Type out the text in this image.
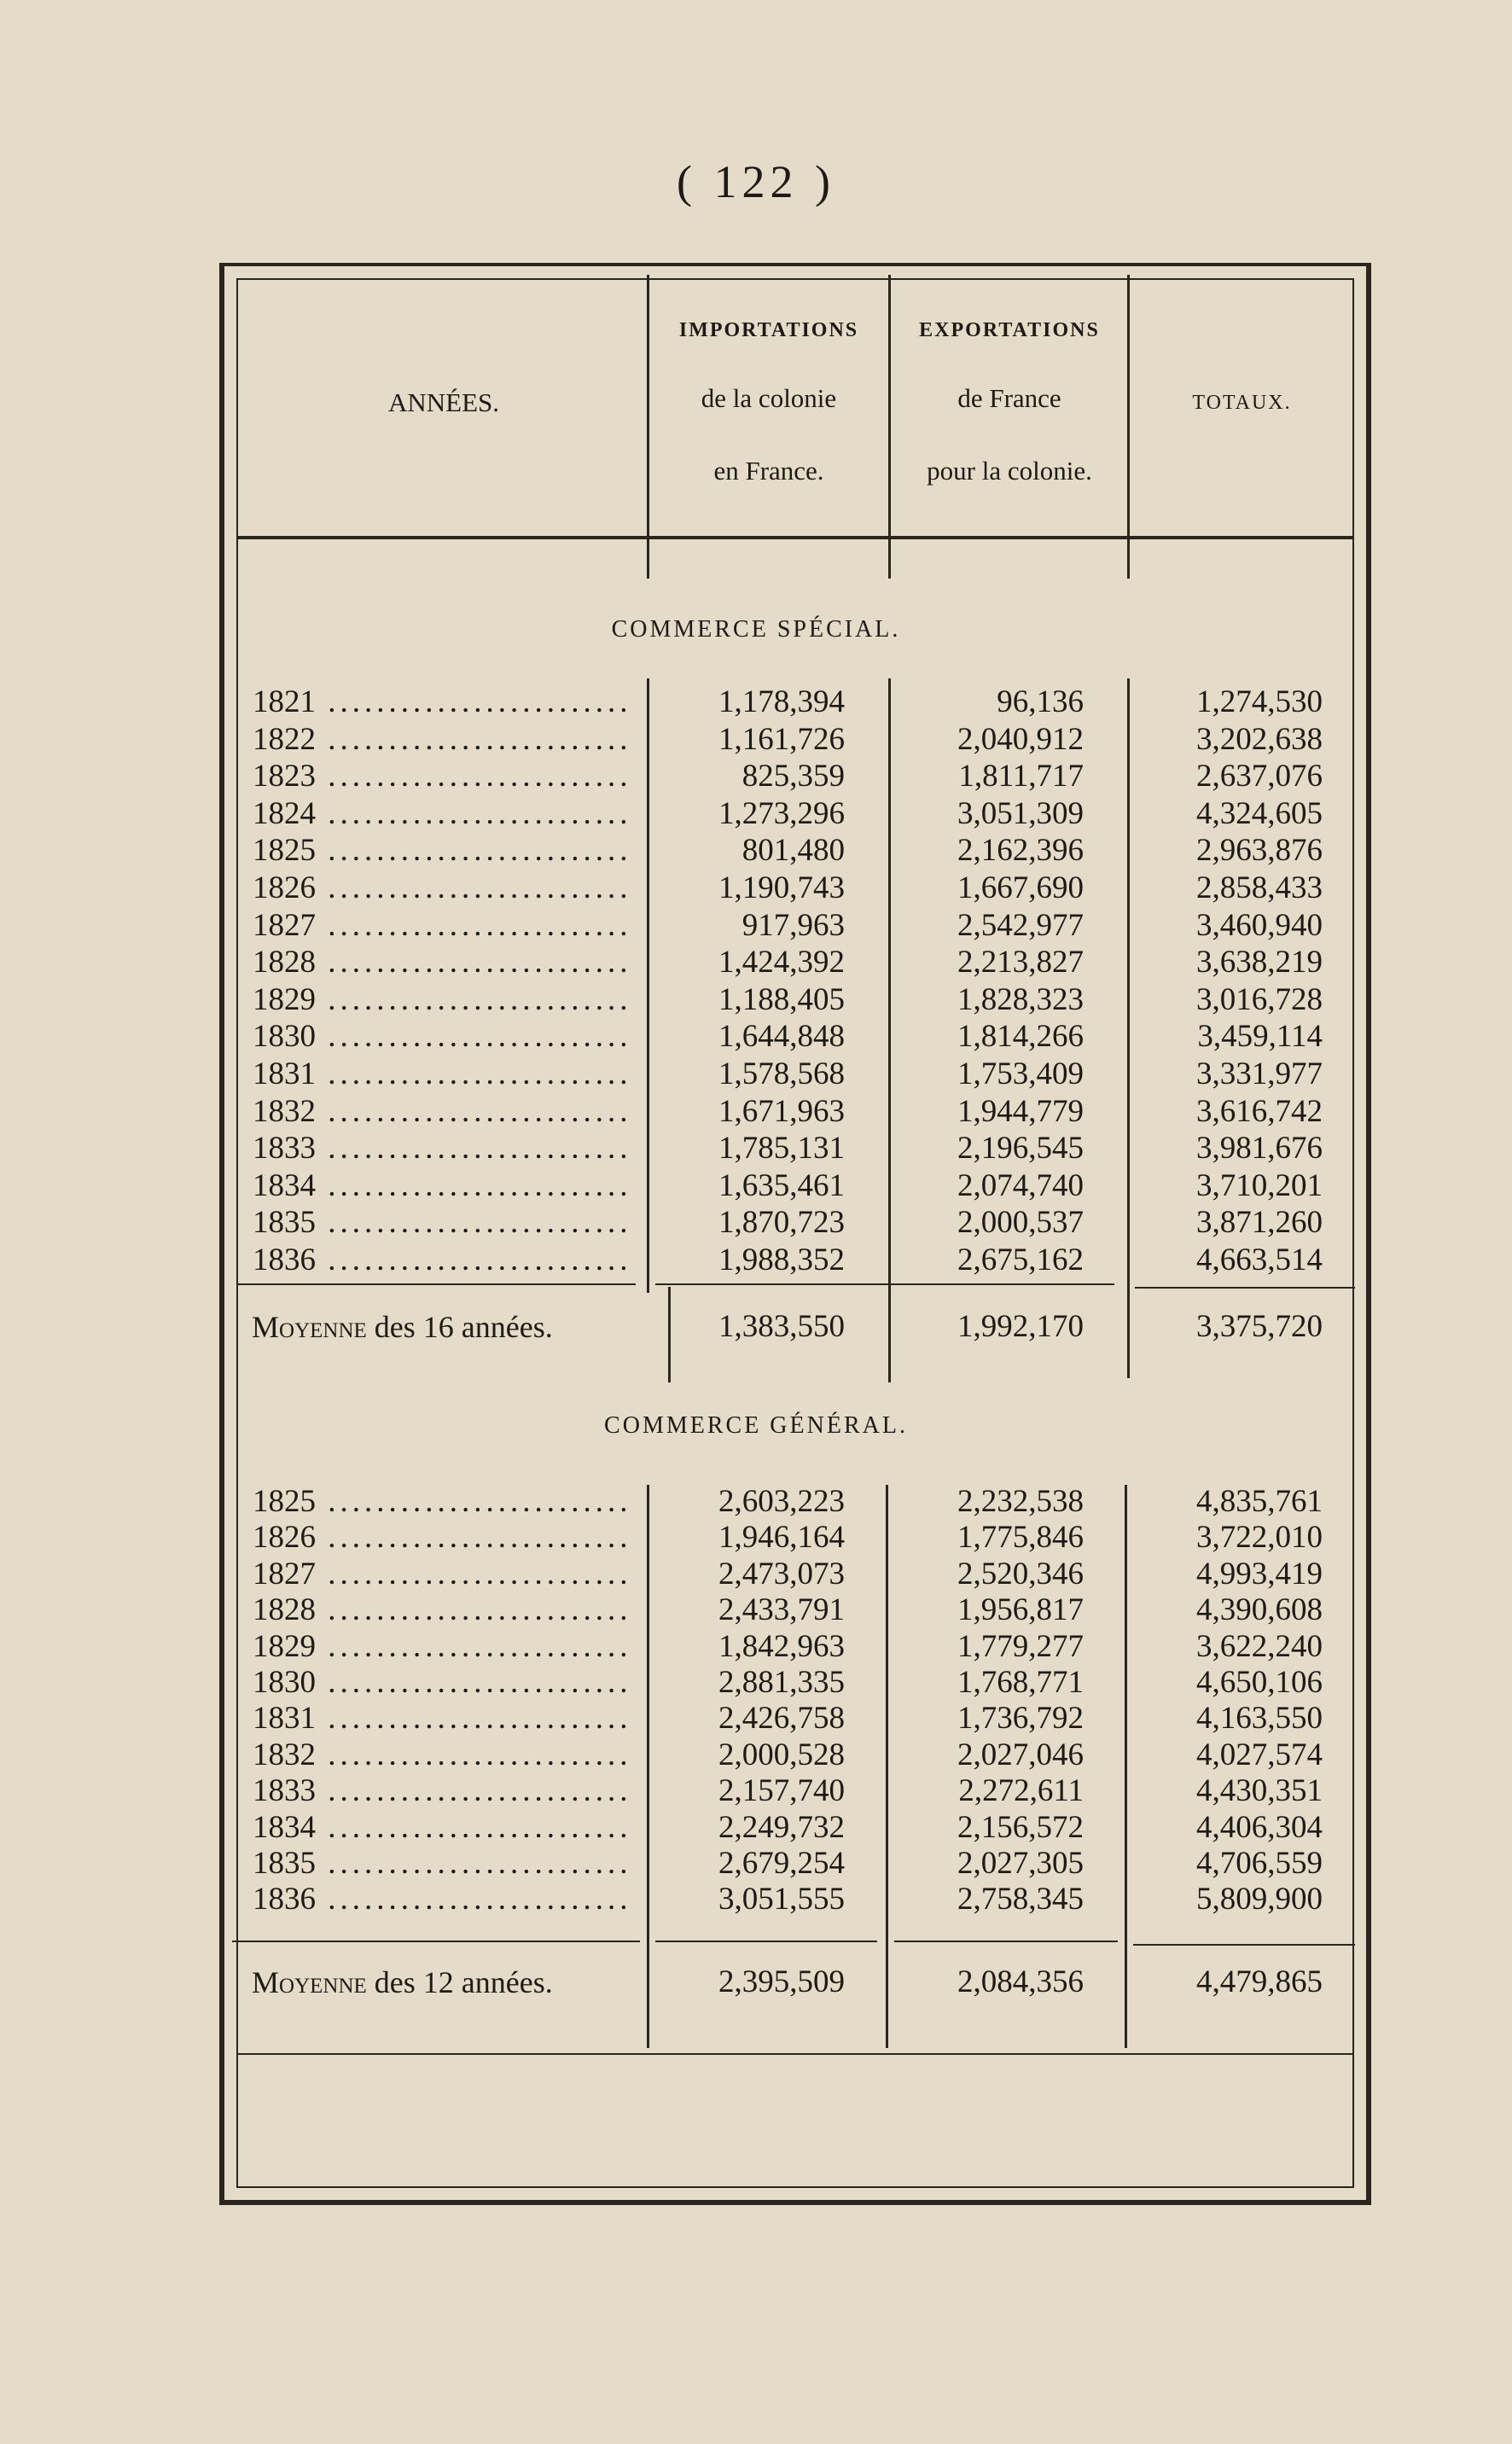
( 122 )
ANNÉES.
IMPORTATIONS
de la colonie
en France.
EXPORTATIONS
de France
pour la colonie.
TOTAUX.
COMMERCE SPÉCIAL.
1821 .....	1,178,394	96,136	1,274,530
1822 .....	1,161,726	2,040,912	3,202,638
1823 .....	825,359	1,811,717	2,637,076
1824 .....	1,273,296	3,051,309	4,324,605
1825 .....	801,480	2,162,396	2,963,876
1826 .....	1,190,743	1,667,690	2,858,433
1827 .....	917,963	2,542,977	3,460,940
1828 .....	1,424,392	2,213,827	3,638,219
1829 .....	1,188,405	1,828,323	3,016,728
1830 .....	1,644,848	1,814,266	3,459,114
1831 .....	1,578,568	1,753,409	3,331,977
1832 .....	1,671,963	1,944,779	3,616,742
1833 .....	1,785,131	2,196,545	3,981,676
1834 .....	1,635,461	2,074,740	3,710,201
1835 .....	1,870,723	2,000,537	3,871,260
1836 .....	1,988,352	2,675,162	4,663,514
Moyenne des 16 années.	1,383,550	1,992,170	3,375,720
COMMERCE GÉNÉRAL.
1825 .....	2,603,223	2,232,538	4,835,761
1826 .....	1,946,164	1,775,846	3,722,010
1827 .....	2,473,073	2,520,346	4,993,419
1828 .....	2,433,791	1,956,817	4,390,608
1829 .....	1,842,963	1,779,277	3,622,240
1830 .....	2,881,335	1,768,771	4,650,106
1831 .....	2,426,758	1,736,792	4,163,550
1832 .....	2,000,528	2,027,046	4,027,574
1833 .....	2,157,740	2,272,611	4,430,351
1834 .....	2,249,732	2,156,572	4,406,304
1835 .....	2,679,254	2,027,305	4,706,559
1836 .....	3,051,555	2,758,345	5,809,900
Moyenne des 12 années.	2,395,509	2,084,356	4,479,865
